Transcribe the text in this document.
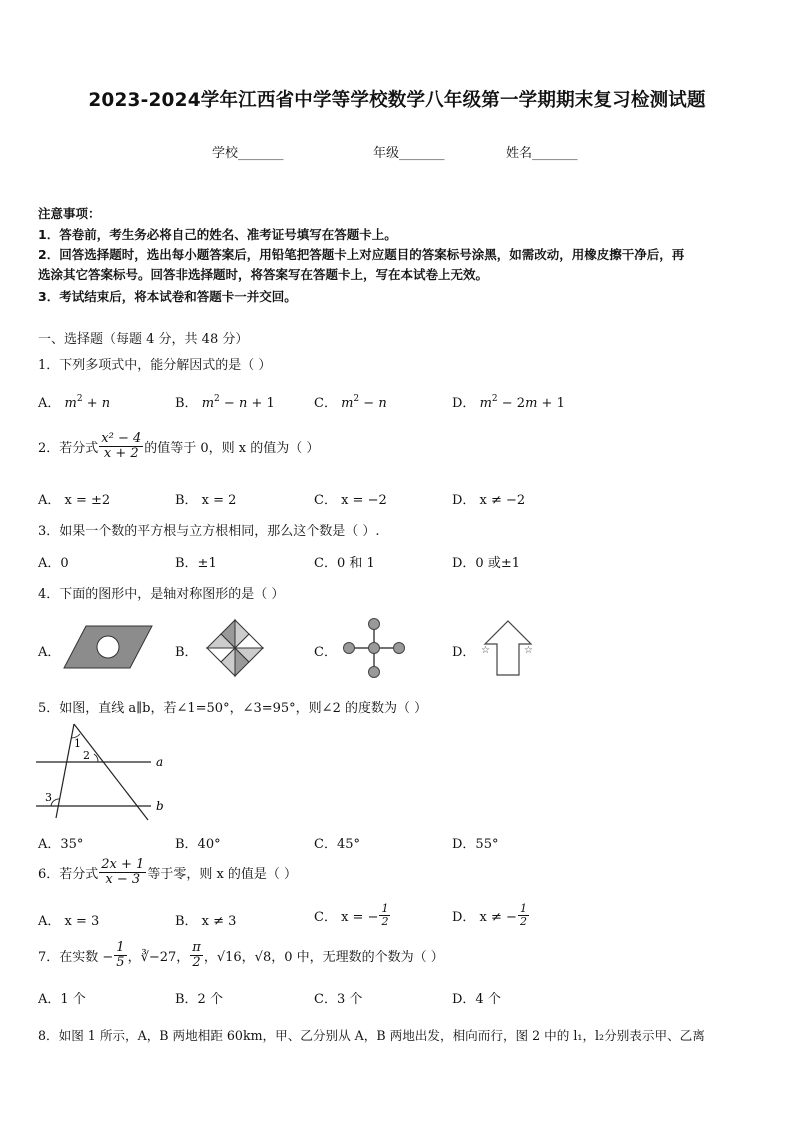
2023-2024学年江西省中学等学校数学八年级第一学期期末复习检测试题
学校_______	年级_______	姓名_______
注意事项：
1．答卷前，考生务必将自己的姓名、准考证号填写在答题卡上。
2．回答选择题时，选出每小题答案后，用铅笔把答题卡上对应题目的答案标号涂黑，如需改动，用橡皮擦干净后，再
选涂其它答案标号。回答非选择题时，将答案写在答题卡上，写在本试卷上无效。
3．考试结束后，将本试卷和答题卡一并交回。
一、选择题（每题 4 分，共 48 分）
1．下列多项式中，能分解因式的是（ ）
A． $m^2 + n$	B． $m^2 - n + 1$	C． $m^2 - n$	D． $m^2 - 2m + 1$
2．若分式 $\frac{\text{x² − 4}}{x + 2}$ 的值等于 0，则 x 的值为（ ）
A． x = ±2	B． x = 2	C． x = −2	D． x ≠ −2
3．如果一个数的平方根与立方根相同，那么这个数是（ ）.
A．0	B．±1	C．0 和 1	D．0 或±1
4．下面的图形中，是轴对称图形的是（ ）
A．	B．	C．	D． ☆	☆
5．如图，直线 a∥b，若∠1=50°，∠3=95°，则∠2 的度数为（ ）
1
2
3
a
b
A．35°	B．40°	C．45°	D．55°
6．若分式 $\frac{2x + 1}{x - 3}$ 等于零，则 x 的值是（ ）
A． x = 3	B． x ≠ 3	C． x = − $\frac{1}{2}$	D． x ≠ − $\frac{1}{2}$
7．在实数 − $\frac{1}{5}$ ，∛−27， $\frac{\pi}{2}$ ，√16，√8，0 中，无理数的个数为（ ）
A．1 个	B．2 个	C．3 个	D．4 个
8．如图 1 所示，A，B 两地相距 60km，甲、乙分别从 A，B 两地出发，相向而行，图 2 中的 l₁，l₂分别表示甲、乙离
